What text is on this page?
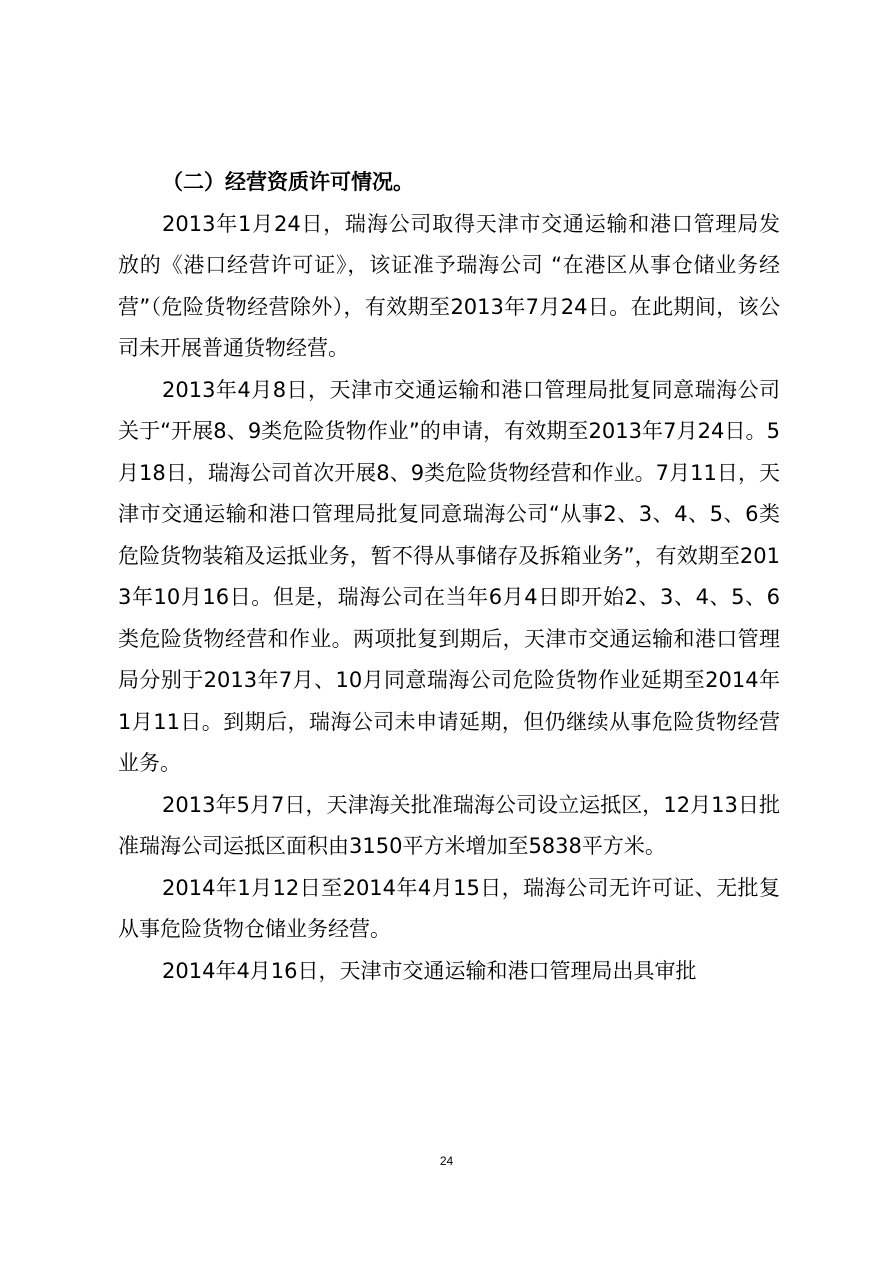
（二）经营资质许可情况。

2013年1月24日，瑞海公司取得天津市交通运输和港口管理局发放的《港口经营许可证》，该证准予瑞海公司 “在港区从事仓储业务经营”（危险货物经营除外），有效期至2013年7月24日。在此期间，该公司未开展普通货物经营。

2013年4月8日，天津市交通运输和港口管理局批复同意瑞海公司关于“开展8、9类危险货物作业”的申请，有效期至2013年7月24日。5月18日，瑞海公司首次开展8、9类危险货物经营和作业。7月11日，天津市交通运输和港口管理局批复同意瑞海公司“从事2、3、4、5、6类危险货物装箱及运抵业务，暂不得从事储存及拆箱业务”，有效期至2013年10月16日。但是，瑞海公司在当年6月4日即开始2、3、4、5、6类危险货物经营和作业。两项批复到期后，天津市交通运输和港口管理局分别于2013年7月、10月同意瑞海公司危险货物作业延期至2014年1月11日。到期后，瑞海公司未申请延期，但仍继续从事危险货物经营业务。

2013年5月7日，天津海关批准瑞海公司设立运抵区，12月13日批准瑞海公司运抵区面积由3150平方米增加至5838平方米。

2014年1月12日至2014年4月15日，瑞海公司无许可证、无批复从事危险货物仓储业务经营。

2014年4月16日，天津市交通运输和港口管理局出具审批

24
